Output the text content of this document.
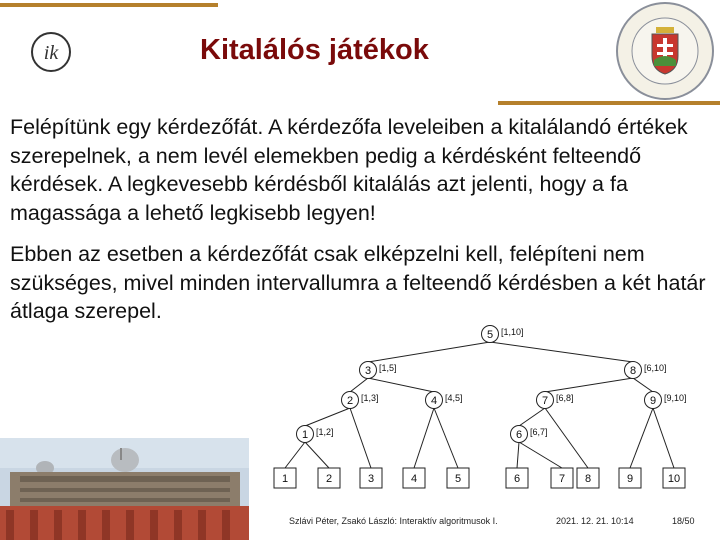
ik	Kitalálós játékok

Felépítünk egy kérdezőfát. A kérdezőfa leveleiben a kitalálandó értékek szerepelnek, a nem levél elemekben pedig a kérdésként felteendő kérdések. A legkevesebb kérdésből kitalálás azt jelenti, hogy a fa magassága a lehető legkisebb legyen!

Ebben az esetben a kérdezőfát csak elképzelni kell, felépíteni nem szükséges, mivel minden intervallumra a felteendő kérdésben a két határ átlaga szerepel.

5 [1,10]
3 [1,5]	8 [6,10]
2 [1,3]	4 [4,5]	7 [6,8]	9 [9,10]
1 [1,2]	6 [6,7]
1	2	3	4	5	6	7 8	9	10
Szlávi Péter, Zsakó László: Interaktív algoritmusok I.	2021. 12. 21. 10:14	18/50
